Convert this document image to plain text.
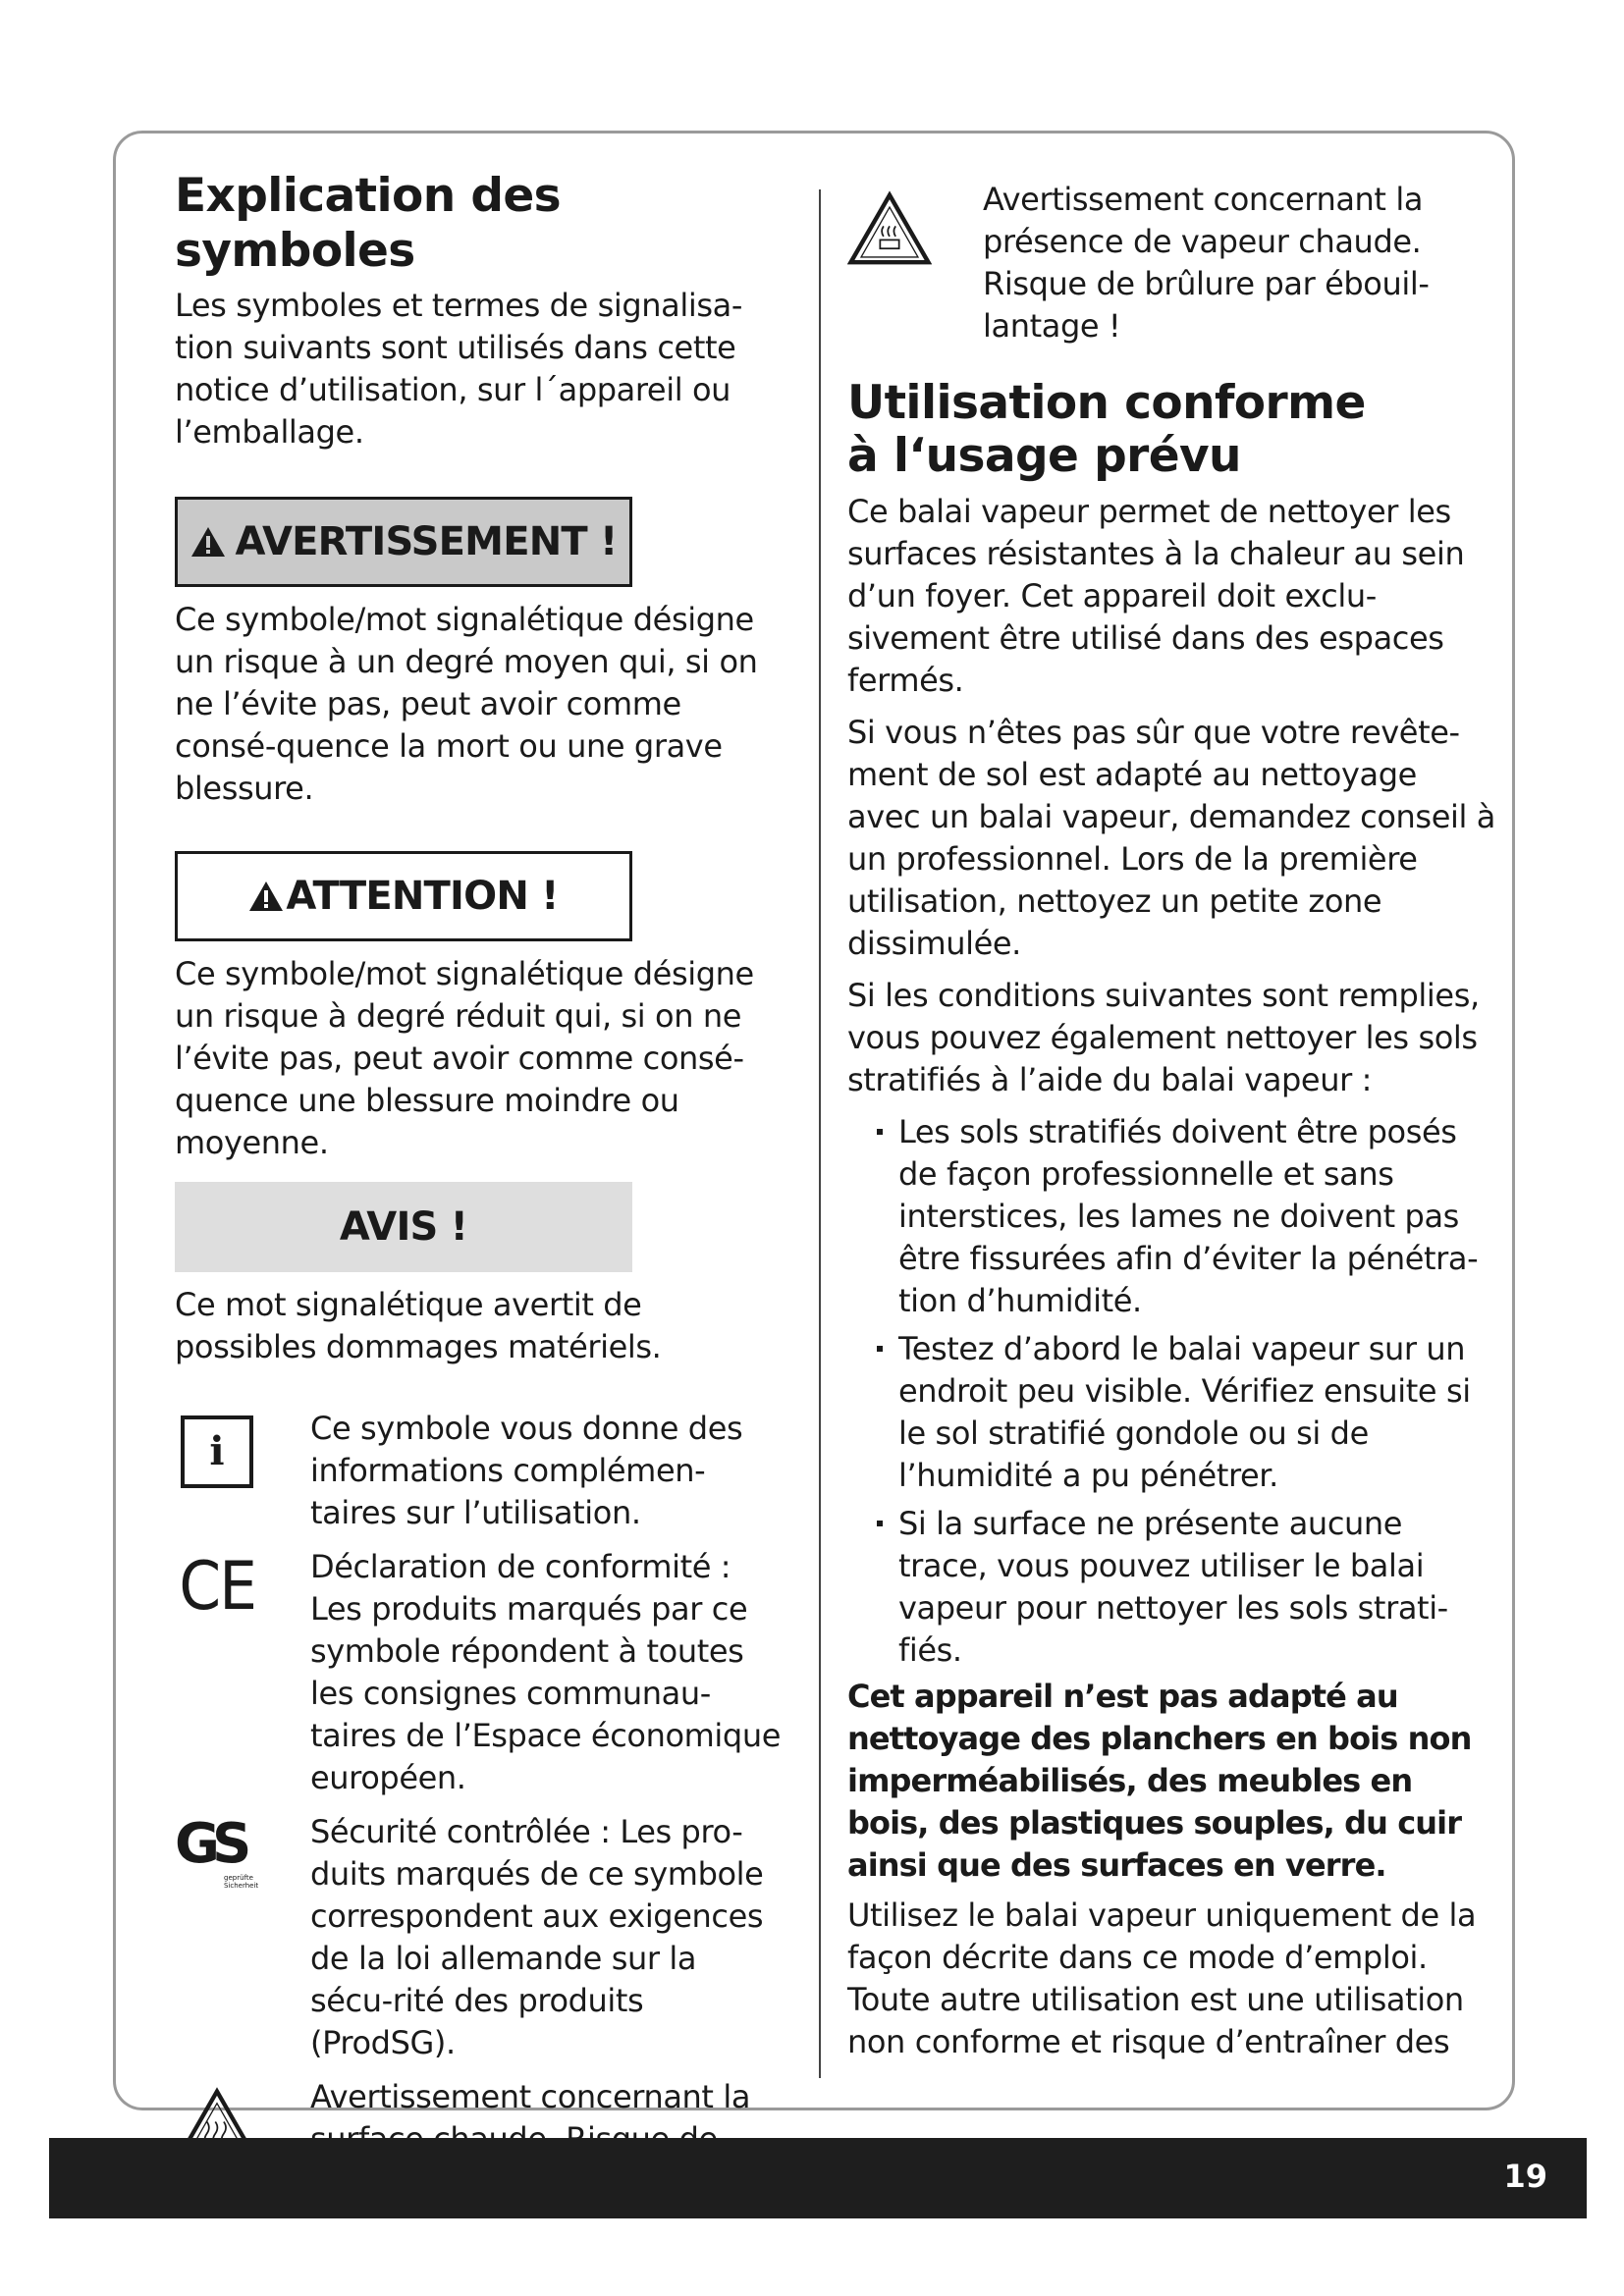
Explication des symboles

Les symboles et termes de signalisa-tion suivants sont utilisés dans cette notice d’utilisation, sur l´appareil ou l’emballage.

AVERTISSEMENT !

Ce symbole/mot signalétique désigne un risque à un degré moyen qui, si on ne l’évite pas, peut avoir comme consé-quence la mort ou une grave blessure.

ATTENTION !

Ce symbole/mot signalétique désigne un risque à degré réduit qui, si on ne l’évite pas, peut avoir comme consé-quence une blessure moindre ou moyenne.

AVIS !

Ce mot signalétique avertit de possibles dommages matériels.

i	Ce symbole vous donne des informations complémen-taires sur l’utilisation.

CE Déclaration de conformité : Les produits marqués par ce symbole répondent à toutes les consignes communau-taires de l’Espace économique européen.

GS
geprüfte
Sicherheit

Sécurité contrôlée : Les pro-duits marqués de ce symbole correspondent aux exigences de la loi allemande sur la sécu-rité des produits (ProdSG).

Avertissement concernant la

Avertissement concernant la présence de vapeur chaude. Risque de brûlure par ébouil-lantage !

Utilisation conforme à l‘usage prévu

Ce balai vapeur permet de nettoyer les surfaces résistantes à la chaleur au sein d’un foyer. Cet appareil doit exclu-sivement être utilisé dans des espaces fermés.

Si vous n’êtes pas sûr que votre revête-ment de sol est adapté au nettoyage avec un balai vapeur, demandez conseil à un professionnel. Lors de la première utilisation, nettoyez un petite zone dissimulée.

Si les conditions suivantes sont remplies, vous pouvez également nettoyer les sols stratifiés à l’aide du balai vapeur :

Les sols stratifiés doivent être posés de façon professionnelle et sans interstices, les lames ne doivent pas être fissurées afin d’éviter la pénétra-tion d’humidité.
Testez d’abord le balai vapeur sur un endroit peu visible. Vérifiez ensuite si le sol stratifié gondole ou si de l’humidité a pu pénétrer.
Si la surface ne présente aucune trace, vous pouvez utiliser le balai vapeur pour nettoyer les sols strati-fiés.

Cet appareil n’est pas adapté au nettoyage des planchers en bois non imperméabilisés, des meubles en bois, des plastiques souples, du cuir ainsi que des surfaces en verre.

Utilisez le balai vapeur uniquement de la façon décrite dans ce mode d’emploi. Toute autre utilisation est une utilisation non conforme et risque d’entraîner des

19
